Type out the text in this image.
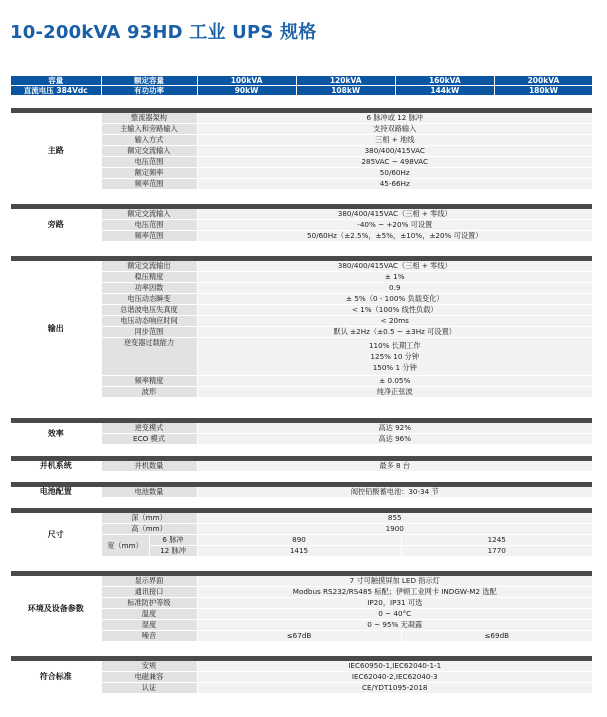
10-200kVA 93HD 工业 UPS 规格
容量	额定容量	100kVA	120kVA	160kVA	200kVA
直流电压 384Vdc	有功功率	90kW	108kW	144kW	180kW

主路	整流器架构	6 脉冲或 12 脉冲
	主输入和旁路输入	支持双路输入
	输入方式	三相 + 地线
	额定交流输入	380/400/415VAC
	电压范围	285VAC ~ 498VAC
	额定频率	50/60Hz
	频率范围	45-66Hz

旁路	额定交流输入	380/400/415VAC（三相 + 零线）
	电压范围	-40% ~ +20% 可设置
	频率范围	50/60Hz（±2.5%，±5%，±10%，±20% 可设置）

输出	额定交流输出	380/400/415VAC（三相 + 零线）
	稳压精度	± 1%
	功率因数	0.9
	电压动态瞬变	± 5%（0 - 100% 负载变化）
	总谐波电压失真度	< 1%（100% 线性负载）
	电压动态响应时间	< 20ms
	同步范围	默认 ±2Hz（±0.5 ~ ±3Hz 可设置）
	逆变器过载能力	110% 长期工作
125% 10 分钟
150% 1 分钟

	频率精度	± 0.05%
	波形	纯净正弦波

效率	逆变模式	高达 92%
	ECO 模式	高达 96%

并机系统	并机数量	最多 8 台

电池配置	电池数量	阀控铅酸蓄电池：30-34 节

尺寸	深（mm）		855	
	高（mm）		1900	
	宽（mm）	6 脉冲	890	1245
		12 脉冲	1415	1770

环境及设备参数	显示界面	7 寸可触摸屏加 LED 指示灯	
	通讯接口	Modbus RS232/RS485 标配；伊顿工业网卡 INDGW-M2 选配	
	标准防护等级	IP20，IP31 可选	
	温度	0 ~ 40°C	
	湿度	0 ~ 95% 无凝露	
	噪音	≤67dB	≤69dB

符合标准	安规	IEC60950-1,IEC62040-1-1
	电磁兼容	IEC62040-2,IEC62040-3
	认证	CE/YDT1095-2018
